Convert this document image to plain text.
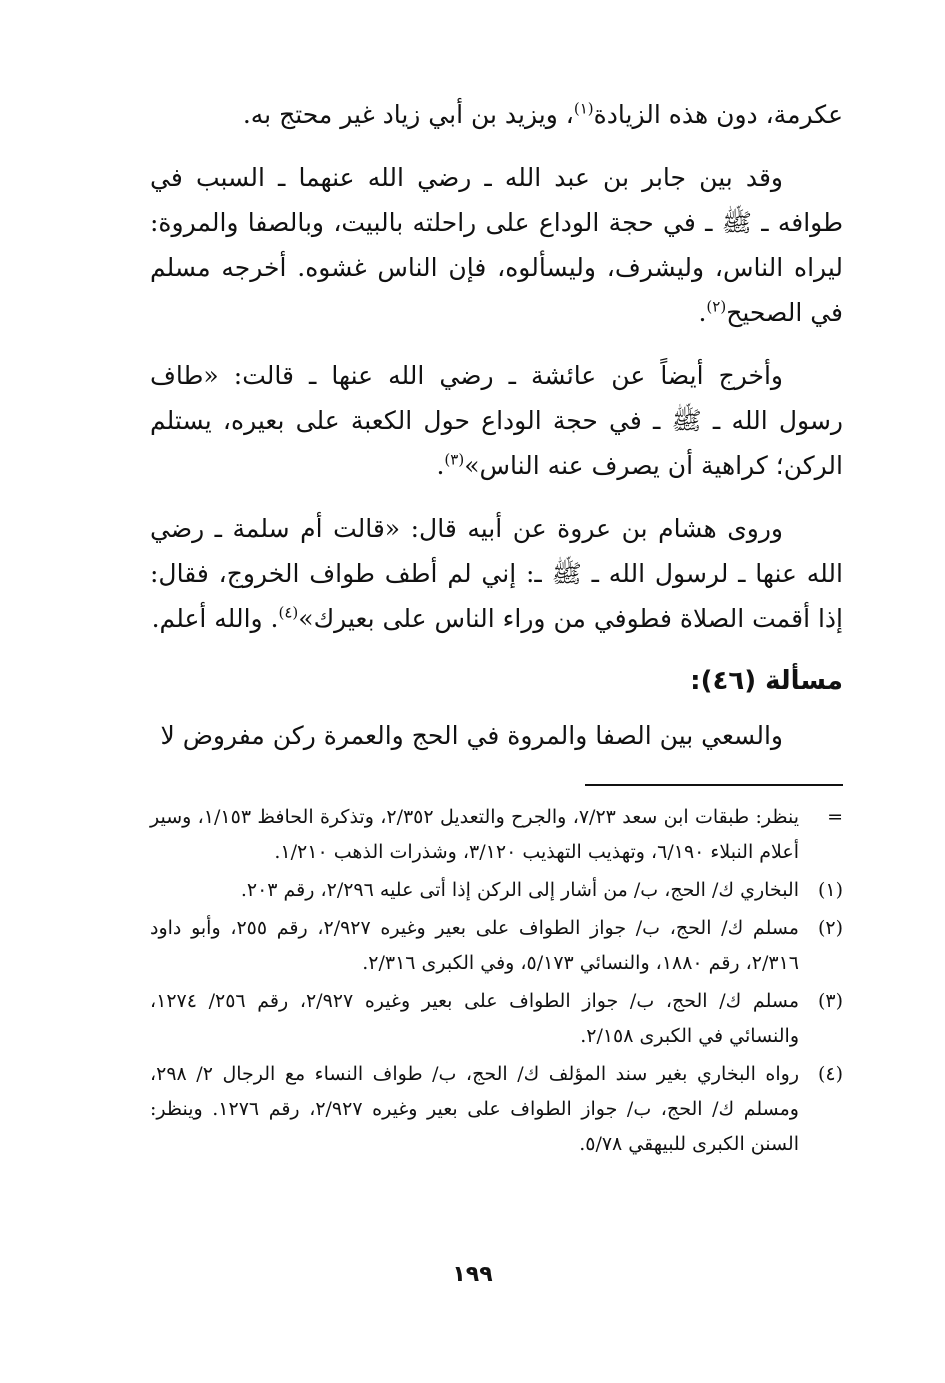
عكرمة، دون هذه الزيادة$^{(١)}$، ويزيد بن أبي زياد غير محتج به.

وقد بين جابر بن عبد الله ـ رضي الله عنهما ـ السبب في طوافه ـ ﷺ ـ في حجة الوداع على راحلته بالبيت، وبالصفا والمروة: ليراه الناس، وليشرف، وليسألوه، فإن الناس غشوه. أخرجه مسلم في الصحيح$^{(٢)}$.

وأخرج أيضاً عن عائشة ـ رضي الله عنها ـ قالت: «طاف رسول الله ـ ﷺ ـ في حجة الوداع حول الكعبة على بعيره، يستلم الركن؛ كراهية أن يصرف عنه الناس»$^{(٣)}$.

وروى هشام بن عروة عن أبيه قال: «قالت أم سلمة ـ رضي الله عنها ـ لرسول الله ـ ﷺ ـ: إني لم أطف طواف الخروج، فقال: إذا أقمت الصلاة فطوفي من وراء الناس على بعيرك»$^{(٤)}$. والله أعلم.

مسألة (٤٦):

والسعي بين الصفا والمروة في الحج والعمرة ركن مفروض لا

=
ينظر: طبقات ابن سعد ٧/٢٣، والجرح والتعديل ٢/٣٥٢، وتذكرة الحافظ ١/١٥٣، وسير أعلام النبلاء ٦/١٩٠، وتهذيب التهذيب ٣/١٢٠، وشذرات الذهب ١/٢١٠.
(١)
البخاري ك/ الحج، ب/ من أشار إلى الركن إذا أتى عليه ٢/٢٩٦، رقم ٢٠٣.
(٢)
مسلم ك/ الحج، ب/ جواز الطواف على بعير وغيره ٢/٩٢٧، رقم ٢٥٥، وأبو داود ٢/٣١٦، رقم ١٨٨٠، والنسائي ٥/١٧٣، وفي الكبرى ٢/٣١٦.
(٣)
مسلم ك/ الحج، ب/ جواز الطواف على بعير وغيره ٢/٩٢٧، رقم ٢٥٦/ ١٢٧٤، والنسائي في الكبرى ٢/١٥٨.
(٤)
رواه البخاري بغير سند المؤلف ك/ الحج، ب/ طواف النساء مع الرجال ٢/ ٢٩٨، ومسلم ك/ الحج، ب/ جواز الطواف على بعير وغيره ٢/٩٢٧، رقم ١٢٧٦. وينظر: السنن الكبرى للبيهقي ٥/٧٨.
١٩٩
